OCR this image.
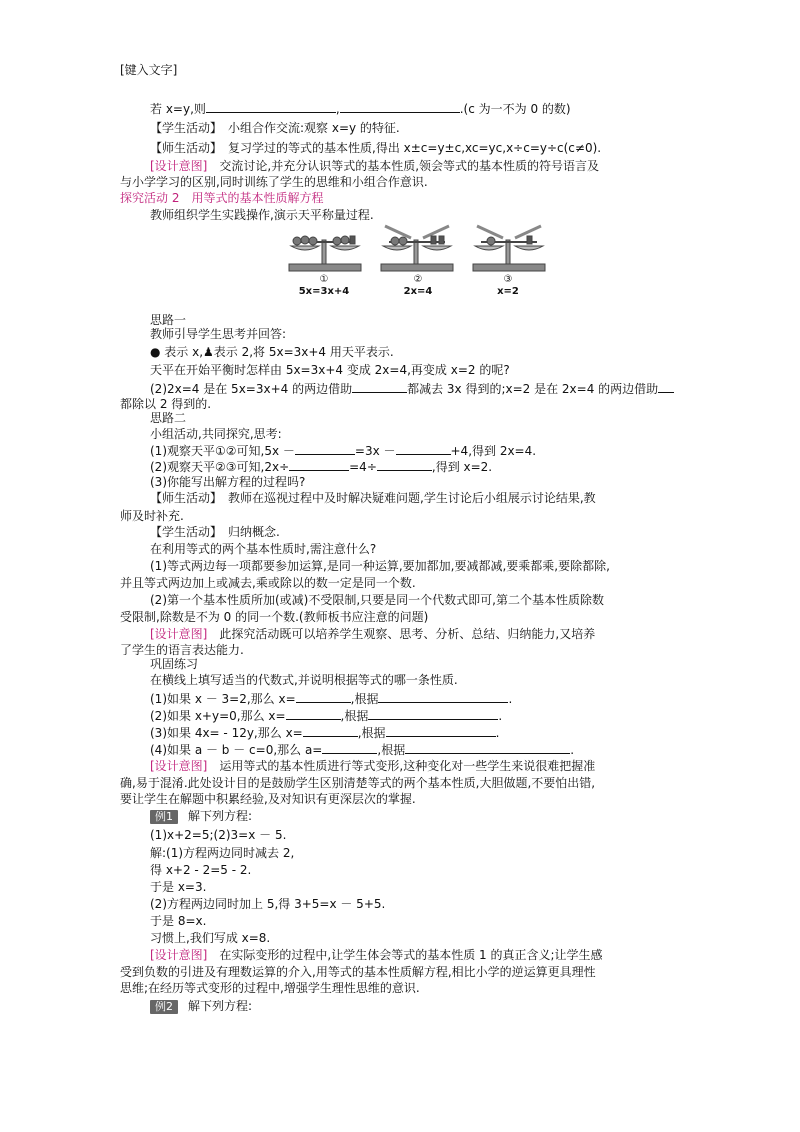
[键入文字]
若 x=y,则	,	.(c 为一不为 0 的数)
【学生活动】　小组合作交流:观察 x=y 的特征.
【师生活动】　复习学过的等式的基本性质,得出 x±c=y±c,xc=yc,x÷c=y÷c(c≠0).
[设计意图]　 交流讨论,并充分认识等式的基本性质,领会等式的基本性质的符号语言及
与小学学习的区别,同时训练了学生的思维和小组合作意识.
探究活动 2　用等式的基本性质解方程
教师组织学生实践操作,演示天平称量过程.
①
5x=3x+4
②
2x=4
③
x=2
思路一
教师引导学生思考并回答:
● 表示 x,♟表示 2,将 5x=3x+4 用天平表示.
天平在开始平衡时怎样由 5x=3x+4 变成 2x=4,再变成 x=2 的呢?
(2)2x=4 是在 5x=3x+4 的两边借助	都减去 3x 得到的;x=2 是在 2x=4 的两边借助
都除以 2 得到的.
思路二
小组活动,共同探究,思考:
(1)观察天平①②可知,5x －	=3x －	+4,得到 2x=4.
(2)观察天平②③可知,2x÷	=4÷	,得到 x=2.
(3)你能写出解方程的过程吗?
【师生活动】　教师在巡视过程中及时解决疑难问题,学生讨论后小组展示讨论结果,教
师及时补充.
【学生活动】　归纳概念.
在利用等式的两个基本性质时,需注意什么?
(1)等式两边每一项都要参加运算,是同一种运算,要加都加,要减都减,要乘都乘,要除都除,
并且等式两边加上或减去,乘或除以的数一定是同一个数.
(2)第一个基本性质所加(或减)不受限制,只要是同一个代数式即可,第二个基本性质除数
受限制,除数是不为 0 的同一个数.(教师板书应注意的问题)
[设计意图]　 此探究活动既可以培养学生观察、思考、分析、总结、归纳能力,又培养
了学生的语言表达能力.
巩固练习
在横线上填写适当的代数式,并说明根据等式的哪一条性质.
(1)如果 x － 3=2,那么 x=	,根据	.
(2)如果 x+y=0,那么 x=	,根据	.
(3)如果 4x= - 12y,那么 x=	,根据	.
(4)如果 a － b － c=0,那么 a=	,根据	.
[设计意图]　 运用等式的基本性质进行等式变形,这种变化对一些学生来说很难把握准
确,易于混淆.此处设计目的是鼓励学生区别清楚等式的两个基本性质,大胆做题,不要怕出错,
要让学生在解题中积累经验,及对知识有更深层次的掌握.
例1 解下列方程:
(1)x+2=5;(2)3=x － 5.
解:(1)方程两边同时减去 2,
得 x+2 - 2=5 - 2.
于是 x=3.
(2)方程两边同时加上 5,得 3+5=x － 5+5.
于是 8=x.
习惯上,我们写成 x=8.
[设计意图]　 在实际变形的过程中,让学生体会等式的基本性质 1 的真正含义;让学生感
受到负数的引进及有理数运算的介入,用等式的基本性质解方程,相比小学的逆运算更具理性
思维;在经历等式变形的过程中,增强学生理性思维的意识.
例2 解下列方程:
